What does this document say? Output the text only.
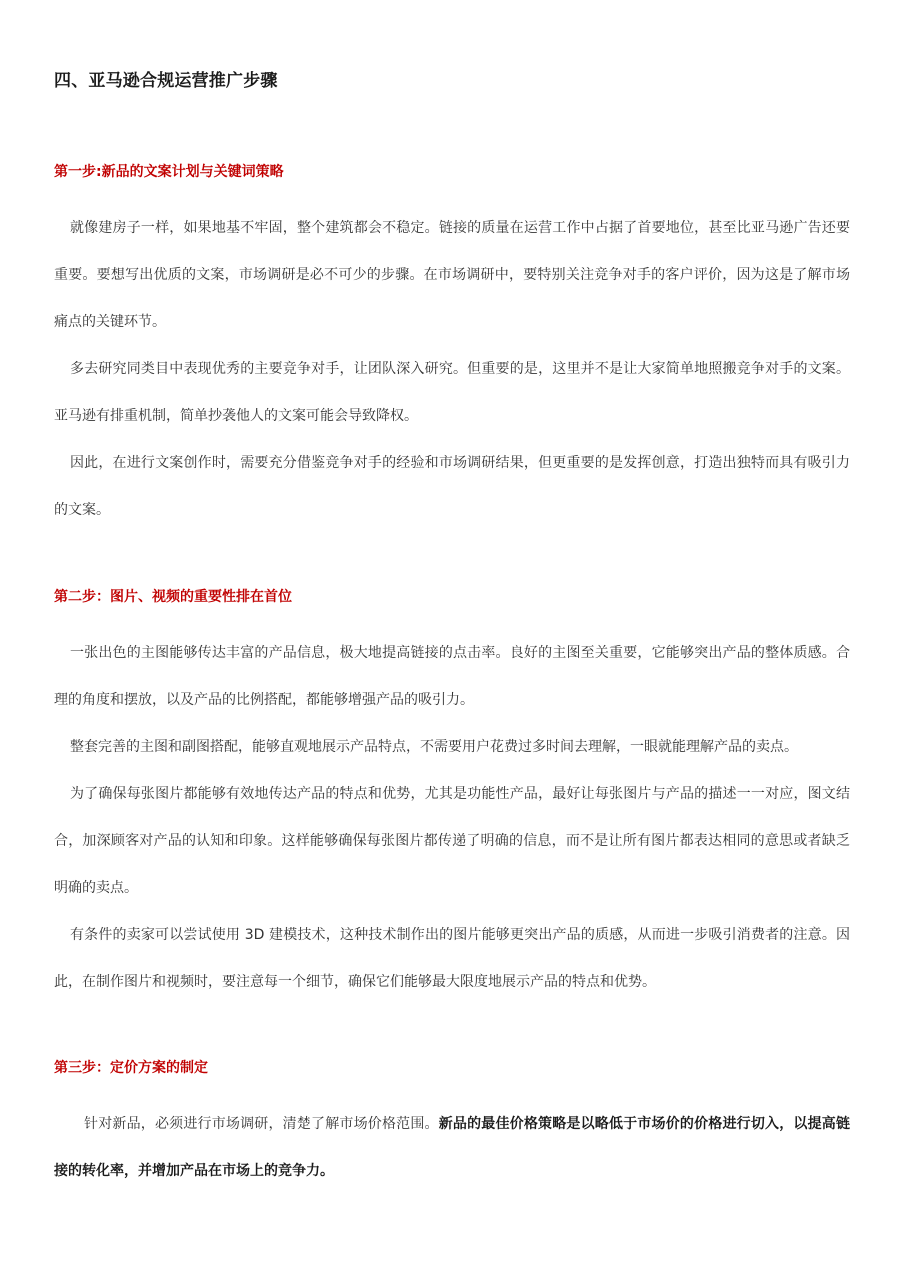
四、亚马逊合规运营推广步骤
第一步:新品的文案计划与关键词策略

就像建房子一样，如果地基不牢固，整个建筑都会不稳定。链接的质量在运营工作中占据了首要地位，甚至比亚马逊广告还要重要。要想写出优质的文案，市场调研是必不可少的步骤。在市场调研中，要特别关注竞争对手的客户评价，因为这是了解市场痛点的关键环节。

多去研究同类目中表现优秀的主要竞争对手，让团队深入研究。但重要的是，这里并不是让大家简单地照搬竞争对手的文案。亚马逊有排重机制，简单抄袭他人的文案可能会导致降权。

因此，在进行文案创作时，需要充分借鉴竞争对手的经验和市场调研结果，但更重要的是发挥创意，打造出独特而具有吸引力的文案。

第二步：图片、视频的重要性排在首位

一张出色的主图能够传达丰富的产品信息，极大地提高链接的点击率。良好的主图至关重要，它能够突出产品的整体质感。合理的角度和摆放，以及产品的比例搭配，都能够增强产品的吸引力。

整套完善的主图和副图搭配，能够直观地展示产品特点，不需要用户花费过多时间去理解，一眼就能理解产品的卖点。

为了确保每张图片都能够有效地传达产品的特点和优势，尤其是功能性产品，最好让每张图片与产品的描述一一对应，图文结合，加深顾客对产品的认知和印象。这样能够确保每张图片都传递了明确的信息，而不是让所有图片都表达相同的意思或者缺乏明确的卖点。

有条件的卖家可以尝试使用 3D 建模技术，这种技术制作出的图片能够更突出产品的质感，从而进一步吸引消费者的注意。因此，在制作图片和视频时，要注意每一个细节，确保它们能够最大限度地展示产品的特点和优势。

第三步：定价方案的制定

针对新品，必须进行市场调研，清楚了解市场价格范围。新品的最佳价格策略是以略低于市场价的价格进行切入，以提高链接的转化率，并增加产品在市场上的竞争力。
